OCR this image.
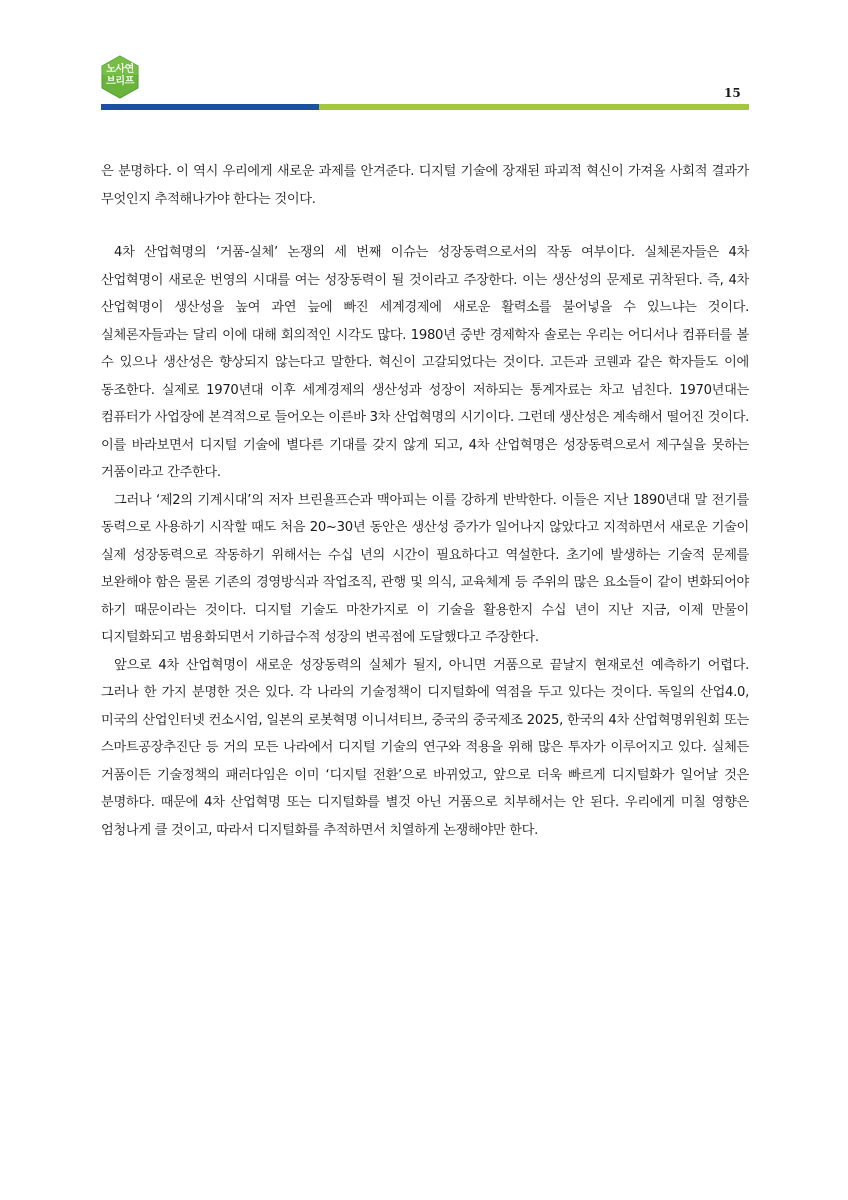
노사연
브리프
15

은 분명하다. 이 역시 우리에게 새로운 과제를 안겨준다. 디지털 기술에 장재된 파괴적 혁신이 가져올 사회적 결과가 무엇인지 추적해나가야 한다는 것이다.

4차 산업혁명의 ‘거품-실체’ 논쟁의 세 번째 이슈는 성장동력으로서의 작동 여부이다. 실체론자들은 4차 산업혁명이 새로운 번영의 시대를 여는 성장동력이 될 것이라고 주장한다. 이는 생산성의 문제로 귀착된다. 즉, 4차 산업혁명이 생산성을 높여 과연 늪에 빠진 세계경제에 새로운 활력소를 불어넣을 수 있느냐는 것이다. 실체론자들과는 달리 이에 대해 회의적인 시각도 많다. 1980년 중반 경제학자 솔로는 우리는 어디서나 컴퓨터를 볼 수 있으나 생산성은 향상되지 않는다고 말한다. 혁신이 고갈되었다는 것이다. 고든과 코웬과 같은 학자들도 이에 동조한다. 실제로 1970년대 이후 세계경제의 생산성과 성장이 저하되는 통계자료는 차고 넘친다. 1970년대는 컴퓨터가 사업장에 본격적으로 들어오는 이른바 3차 산업혁명의 시기이다. 그런데 생산성은 계속해서 떨어진 것이다. 이를 바라보면서 디지털 기술에 별다른 기대를 갖지 않게 되고, 4차 산업혁명은 성장동력으로서 제구실을 못하는 거품이라고 간주한다.

그러나 ‘제2의 기계시대’의 저자 브린욜프슨과 맥아피는 이를 강하게 반박한다. 이들은 지난 1890년대 말 전기를 동력으로 사용하기 시작할 때도 처음 20~30년 동안은 생산성 증가가 일어나지 않았다고 지적하면서 새로운 기술이 실제 성장동력으로 작동하기 위해서는 수십 년의 시간이 필요하다고 역설한다. 초기에 발생하는 기술적 문제를 보완해야 함은 물론 기존의 경영방식과 작업조직, 관행 및 의식, 교육체계 등 주위의 많은 요소들이 같이 변화되어야 하기 때문이라는 것이다. 디지털 기술도 마찬가지로 이 기술을 활용한지 수십 년이 지난 지금, 이제 만물이 디지털화되고 범용화되면서 기하급수적 성장의 변곡점에 도달했다고 주장한다.

앞으로 4차 산업혁명이 새로운 성장동력의 실체가 될지, 아니면 거품으로 끝날지 현재로선 예측하기 어렵다. 그러나 한 가지 분명한 것은 있다. 각 나라의 기술정책이 디지털화에 역점을 두고 있다는 것이다. 독일의 산업4.0, 미국의 산업인터넷 컨소시엄, 일본의 로봇혁명 이니셔티브, 중국의 중국제조 2025, 한국의 4차 산업혁명위원회 또는 스마트공장추진단 등 거의 모든 나라에서 디지털 기술의 연구와 적용을 위해 많은 투자가 이루어지고 있다. 실체든 거품이든 기술정책의 패러다임은 이미 ‘디지털 전환’으로 바뀌었고, 앞으로 더욱 빠르게 디지털화가 일어날 것은 분명하다. 때문에 4차 산업혁명 또는 디지털화를 별것 아닌 거품으로 치부해서는 안 된다. 우리에게 미칠 영향은 엄청나게 클 것이고, 따라서 디지털화를 추적하면서 치열하게 논쟁해야만 한다.
